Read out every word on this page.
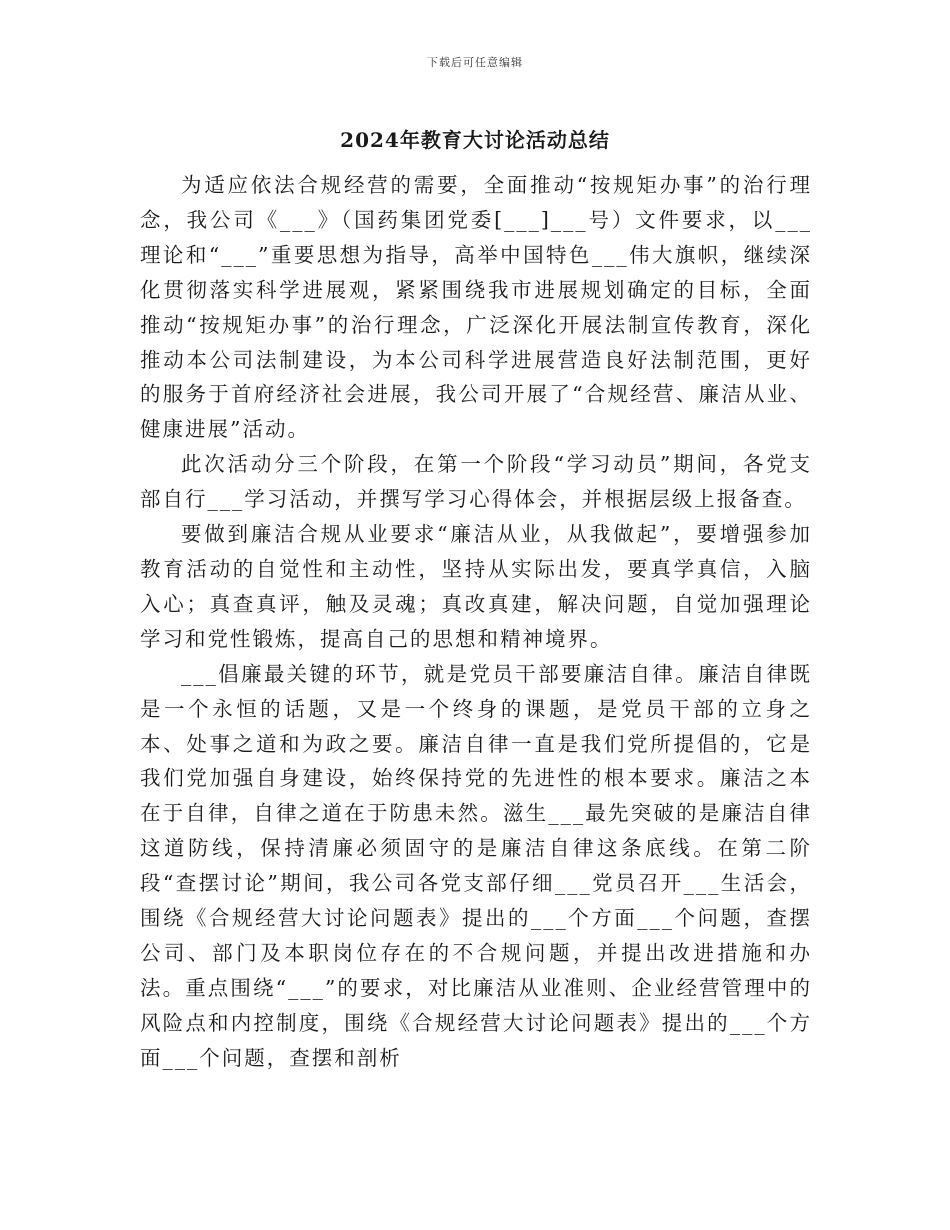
下载后可任意编辑
2024年教育大讨论活动总结

为适应依法合规经营的需要，全面推动“按规矩办事”的治行理念，我公司《___》（国药集团党委[___]___号）文件要求，以___理论和“___”重要思想为指导，高举中国特色___伟大旗帜，继续深化贯彻落实科学进展观，紧紧围绕我市进展规划确定的目标，全面推动“按规矩办事”的治行理念，广泛深化开展法制宣传教育，深化推动本公司法制建设，为本公司科学进展营造良好法制范围，更好的服务于首府经济社会进展，我公司开展了“合规经营、廉洁从业、健康进展”活动。

此次活动分三个阶段，在第一个阶段“学习动员”期间，各党支部自行___学习活动，并撰写学习心得体会，并根据层级上报备查。

要做到廉洁合规从业要求“廉洁从业，从我做起”，要增强参加教育活动的自觉性和主动性，坚持从实际出发，要真学真信，入脑入心；真查真评，触及灵魂；真改真建，解决问题，自觉加强理论学习和党性锻炼，提高自己的思想和精神境界。

___倡廉最关键的环节，就是党员干部要廉洁自律。廉洁自律既是一个永恒的话题，又是一个终身的课题，是党员干部的立身之本、处事之道和为政之要。廉洁自律一直是我们党所提倡的，它是我们党加强自身建设，始终保持党的先进性的根本要求。廉洁之本在于自律，自律之道在于防患未然。滋生___最先突破的是廉洁自律这道防线，保持清廉必须固守的是廉洁自律这条底线。在第二阶段“查摆讨论”期间，我公司各党支部仔细___党员召开___生活会，围绕《合规经营大讨论问题表》提出的___个方面___个问题，查摆公司、部门及本职岗位存在的不合规问题，并提出改进措施和办法。重点围绕“___”的要求，对比廉洁从业准则、企业经营管理中的风险点和内控制度，围绕《合规经营大讨论问题表》提出的___个方面___个问题，查摆和剖析
